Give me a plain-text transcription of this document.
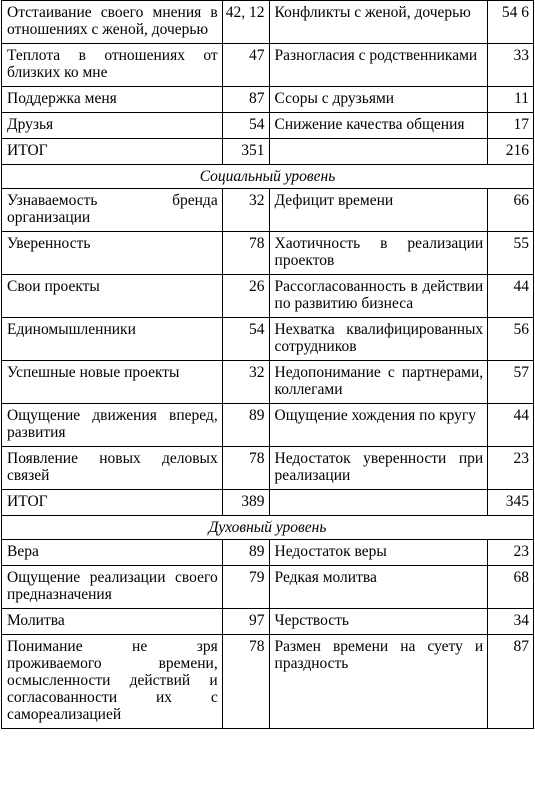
Отстаивание своего мнения в отношениях с женой, дочерью	42, 12	Конфликты с женой, дочерью	54 6
Теплота в отношениях от близких ко мне	47	Разногласия с родственниками	33
Поддержка меня	87	Ссоры с друзьями	11
Друзья	54	Снижение качества общения	17
ИТОГ	351		216
Социальный уровень			
Узнаваемость бренда организации	32	Дефицит времени	66
Уверенность	78	Хаотичность в реализации проектов	55
Свои проекты	26	Рассогласованность в действии по развитию бизнеса	44
Единомышленники	54	Нехватка квалифицированных сотрудников	56
Успешные новые проекты	32	Недопонимание с партнерами, коллегами	57
Ощущение движения вперед, развития	89	Ощущение хождения по кругу	44
Появление новых деловых связей	78	Недостаток уверенности при реализации	23
ИТОГ	389		345
Духовный уровень			
Вера	89	Недостаток веры	23
Ощущение реализации своего предназначения	79	Редкая молитва	68
Молитва	97	Черствость	34
Понимание не зря проживаемого времени, осмысленности действий и согласованности их с самореализацией	78	Размен времени на суету и праздность	87
